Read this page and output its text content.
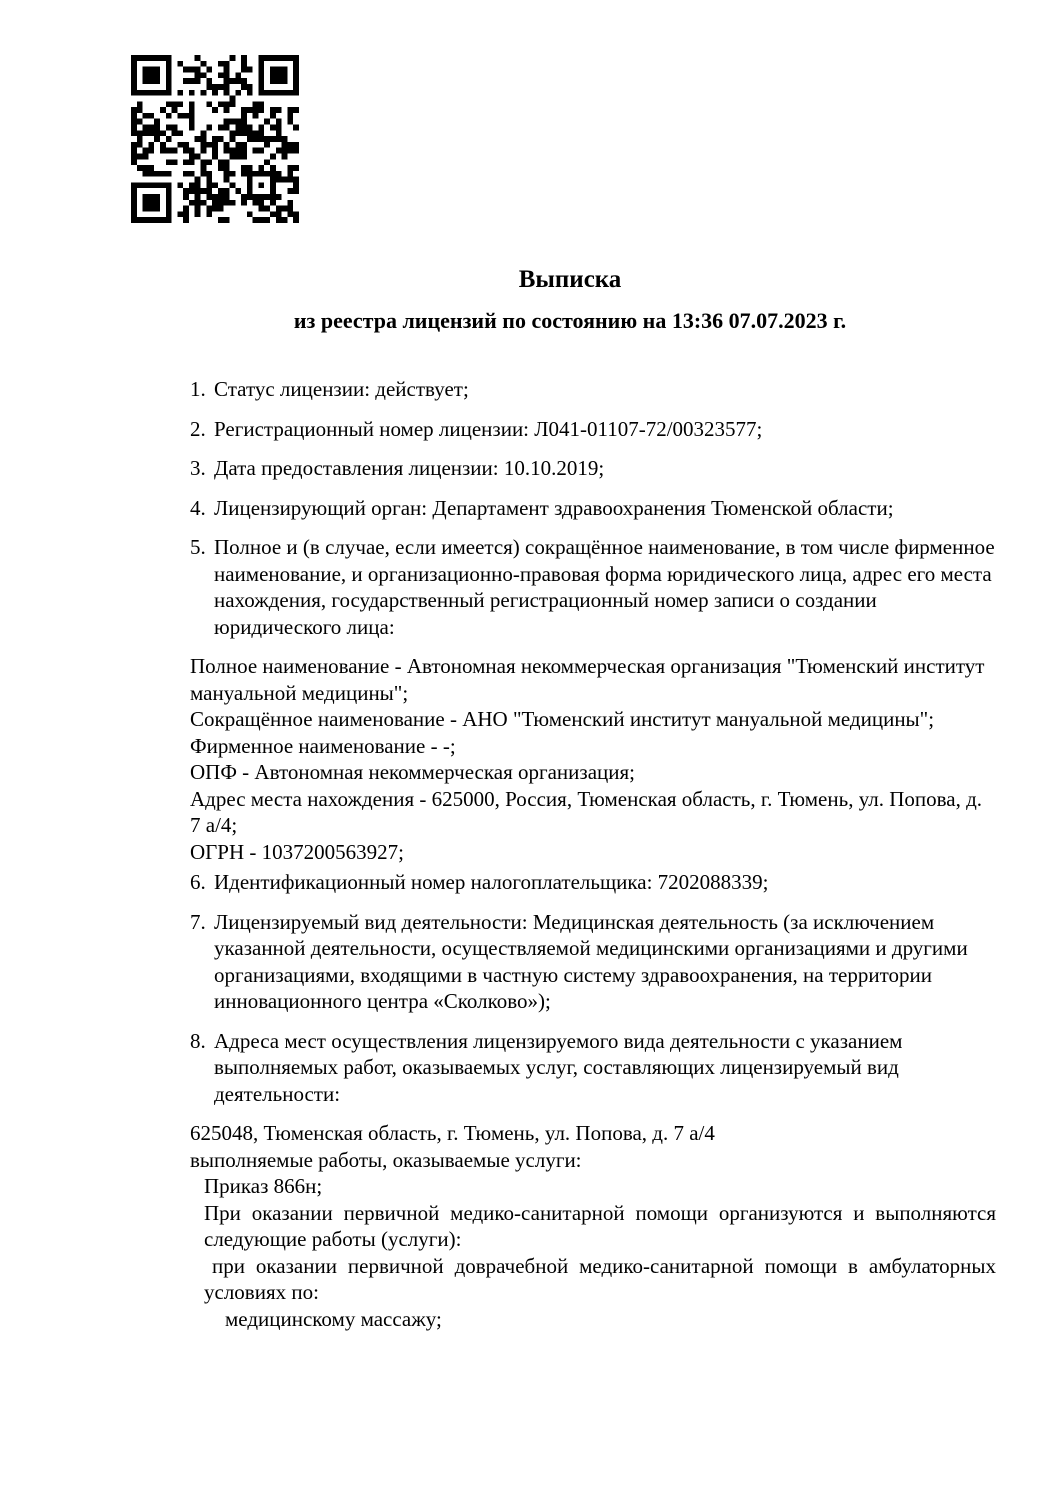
Выписка
из реестра лицензий по состоянию на 13:36 07.07.2023 г.
1. Статус лицензии: действует;
2. Регистрационный номер лицензии: Л041-01107-72/00323577;
3. Дата предоставления лицензии: 10.10.2019;
4. Лицензирующий орган: Департамент здравоохранения Тюменской области;
5. Полное и (в случае, если имеется) сокращённое наименование, в том числе фирменное
наименование, и организационно-правовая форма юридического лица, адрес его места
нахождения, государственный регистрационный номер записи о создании
юридического лица:
Полное наименование - Автономная некоммерческая организация "Тюменский институт
мануальной медицины";
Сокращённое наименование - АНО "Тюменский институт мануальной медицины";
Фирменное наименование - -;
ОПФ - Автономная некоммерческая организация;
Адрес места нахождения - 625000, Россия, Тюменская область, г. Тюмень, ул. Попова, д.
7 а/4;
ОГРН - 1037200563927;
6. Идентификационный номер налогоплательщика: 7202088339;
7. Лицензируемый вид деятельности: Медицинская деятельность (за исключением
указанной деятельности, осуществляемой медицинскими организациями и другими
организациями, входящими в частную систему здравоохранения, на территории
инновационного центра «Сколково»);
8. Адреса мест осуществления лицензируемого вида деятельности с указанием
выполняемых работ, оказываемых услуг, составляющих лицензируемый вид
деятельности:
625048, Тюменская область, г. Тюмень, ул. Попова, д. 7 а/4
выполняемые работы, оказываемые услуги:
Приказ 866н;
При оказании первичной медико-санитарной помощи организуются и выполняются
следующие работы (услуги):
при оказании первичной доврачебной медико-санитарной помощи в амбулаторных
условиях по:
медицинскому массажу;
